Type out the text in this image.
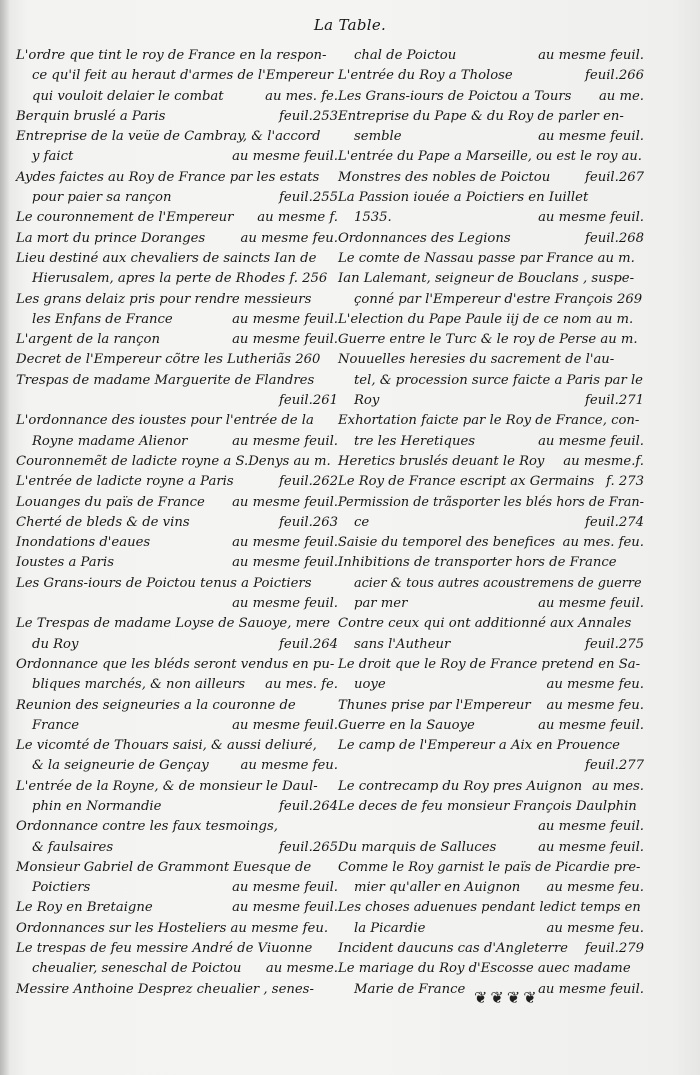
La Table.
L'ordre que tint le roy de France en la respon-
ce qu'il feit au heraut d'armes de l'Empereur
qui vouloit delaier le combat	au mes. fe.
Berquin bruslé a Paris	feuil.253
Entreprise de la veüe de Cambray, & l'accord
y faict	au mesme feuil.
Aydes faictes au Roy de France par les estats
pour paier sa rançon	feuil.255
Le couronnement de l'Empereur au mesme f.
La mort du prince Doranges	au mesme feu.
Lieu destiné aux chevaliers de saincts Ian de
Hierusalem, apres la perte de Rhodes f. 256
Les grans delaiz pris pour rendre messieurs
les Enfans de France	au mesme feuil.
L'argent de la rançon	au mesme feuil.
Decret de l'Empereur cõtre les Lutheriãs 260
Trespas de madame Marguerite de Flandres
feuil.261
L'ordonnance des ioustes pour l'entrée de la
Royne madame Alienor	au mesme feuil.
Couronnemẽt de ladicte royne a S.Denys au m.
L'entrée de ladicte royne a Paris	feuil.262
Louanges du païs de France au mesme feuil.
Cherté de bleds & de vins	feuil.263
Inondations d'eaues	au mesme feuil.
Ioustes a Paris	au mesme feuil.
Les Grans-iours de Poictou tenus a Poictiers
au mesme feuil.
Le Trespas de madame Loyse de Sauoye, mere
du Roy	feuil.264
Ordonnance que les bléds seront vendus en pu-
bliques marchés, & non ailleurs au mes. fe.
Reunion des seigneuries a la couronne de
France	au mesme feuil.
Le vicomté de Thouars saisi, & aussi deliuré,
& la seigneurie de Gençay au mesme feu.
L'entrée de la Royne, & de monsieur le Daul-
phin en Normandie	feuil.264
Ordonnance contre les faux tesmoings,
& faulsaires	feuil.265
Monsieur Gabriel de Grammont Euesque de
Poictiers	au mesme feuil.
Le Roy en Bretaigne	au mesme feuil.
Ordonnances sur les Hosteliers au mesme feu.
Le trespas de feu messire André de Viuonne
cheualier, seneschal de Poictou au mesme.
Messire Anthoine Desprez cheualier , senes-
chal de Poictou	au mesme feuil.
L'entrée du Roy a Tholose	feuil.266
Les Grans-iours de Poictou a Tours au me.
Entreprise du Pape & du Roy de parler en-
semble	au mesme feuil.
L'entrée du Pape a Marseille, ou est le roy au.
Monstres des nobles de Poictou	feuil.267
La Passion iouée a Poictiers en Iuillet
1535.	au mesme feuil.
Ordonnances des Legions	feuil.268
Le comte de Nassau passe par France au m.
Ian Lalemant, seigneur de Bouclans , suspe-
çonné par l'Empereur d'estre François 269
L'election du Pape Paule iij de ce nom au m.
Guerre entre le Turc & le roy de Perse au m.
Nouuelles heresies du sacrement de l'au-
tel, & procession surce faicte a Paris par le
Roy	feuil.271
Exhortation faicte par le Roy de France, con-
tre les Heretiques	au mesme feuil.
Heretics bruslés deuant le Roy au mesme.f.
Le Roy de France escript ax Germains f. 273
Permission de trãsporter les blés hors de Fran-
ce	feuil.274
Saisie du temporel des benefices au mes. feu.
Inhibitions de transporter hors de France
acier & tous autres acoustremens de guerre
par mer	au mesme feuil.
Contre ceux qui ont additionné aux Annales
sans l'Autheur	feuil.275
Le droit que le Roy de France pretend en Sa-
uoye	au mesme feu.
Thunes prise par l'Empereur au mesme feu.
Guerre en la Sauoye	au mesme feuil.
Le camp de l'Empereur a Aix en Prouence
feuil.277
Le contrecamp du Roy pres Auignon au mes.
Le deces de feu monsieur François Daulphin
au mesme feuil.
Du marquis de Salluces	au mesme feuil.
Comme le Roy garnist le païs de Picardie pre-
mier qu'aller en Auignon au mesme feu.
Les choses aduenues pendant ledict temps en
la Picardie	au mesme feu.
Incident daucuns cas d'Angleterre feuil.279
Le mariage du Roy d'Escosse auec madame
Marie de France	au mesme feuil.
❦❦❦❦
